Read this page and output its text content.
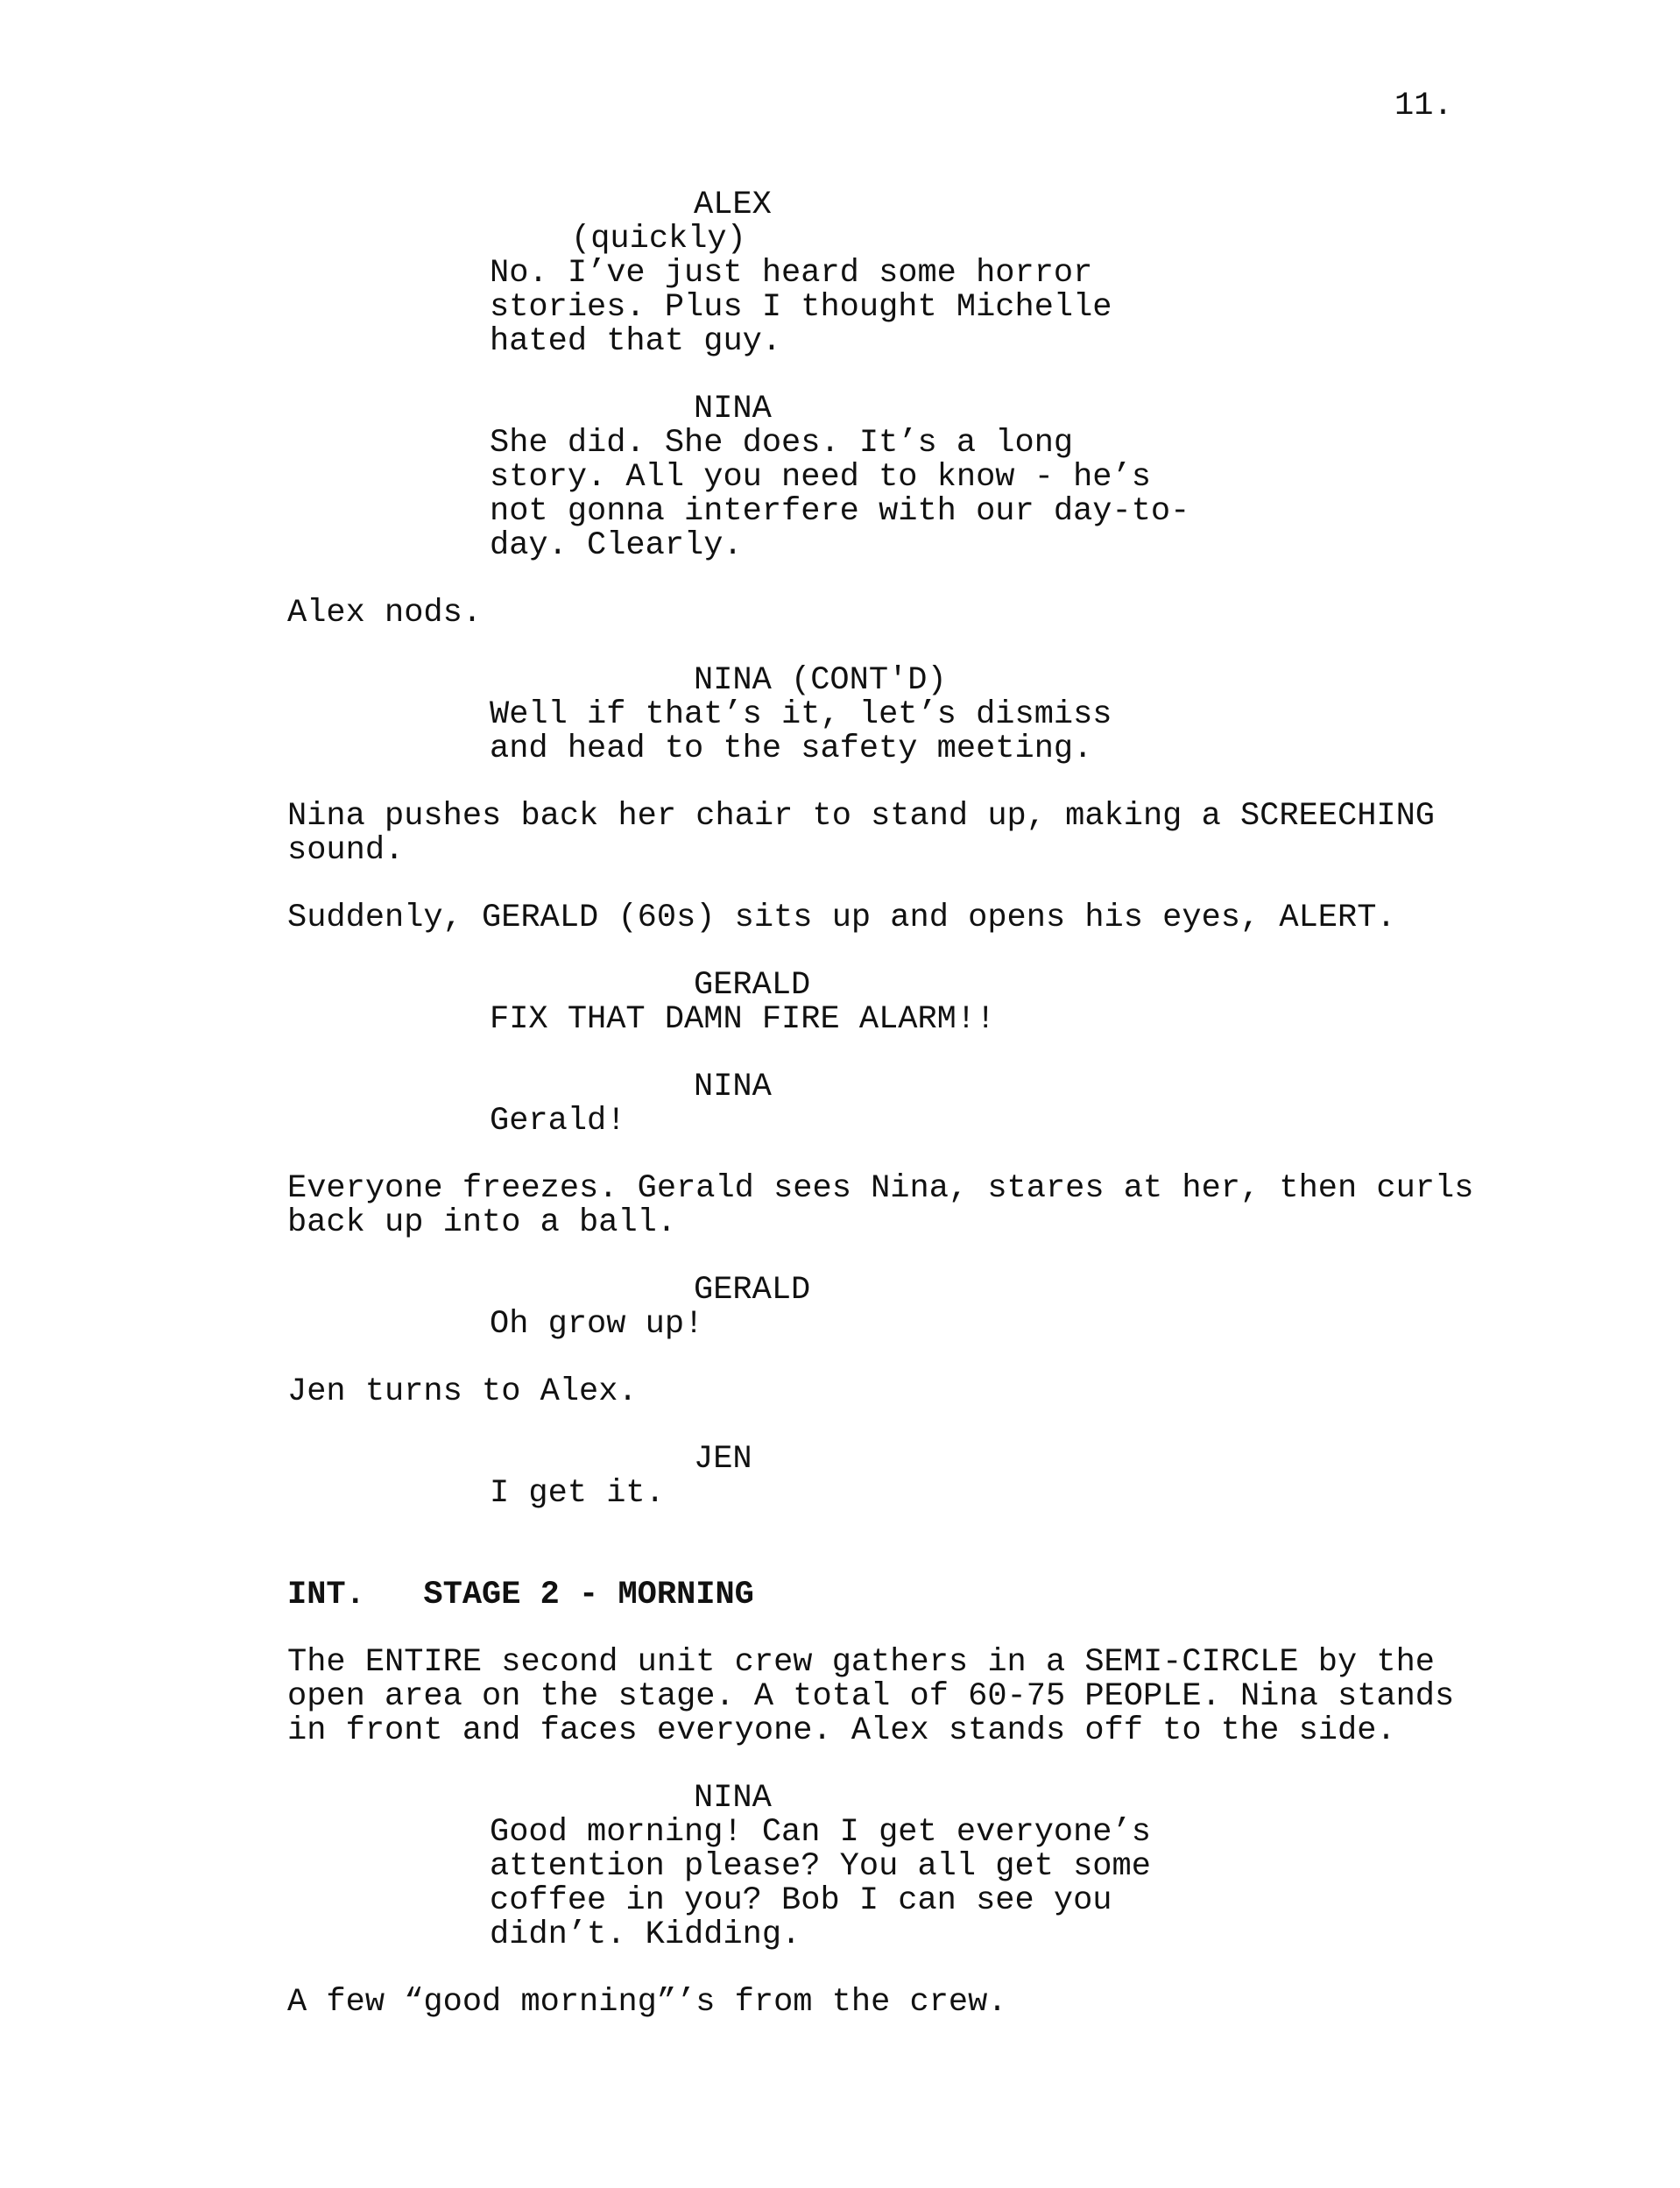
11.
ALEX
(quickly)
No. I’ve just heard some horror
stories. Plus I thought Michelle
hated that guy.
NINA
She did. She does. It’s a long
story. All you need to know - he’s
not gonna interfere with our day-to-
day. Clearly.
Alex nods.
NINA (CONT'D)
Well if that’s it, let’s dismiss
and head to the safety meeting.
Nina pushes back her chair to stand up, making a SCREECHING
sound.
Suddenly, GERALD (60s) sits up and opens his eyes, ALERT.
GERALD
FIX THAT DAMN FIRE ALARM!!
NINA
Gerald!
Everyone freezes. Gerald sees Nina, stares at her, then curls
back up into a ball.
GERALD
Oh grow up!
Jen turns to Alex.
JEN
I get it.
INT.   STAGE 2 - MORNING
The ENTIRE second unit crew gathers in a SEMI-CIRCLE by the
open area on the stage. A total of 60-75 PEOPLE. Nina stands
in front and faces everyone. Alex stands off to the side.
NINA
Good morning! Can I get everyone’s
attention please? You all get some
coffee in you? Bob I can see you
didn’t. Kidding.
A few “good morning”’s from the crew.
